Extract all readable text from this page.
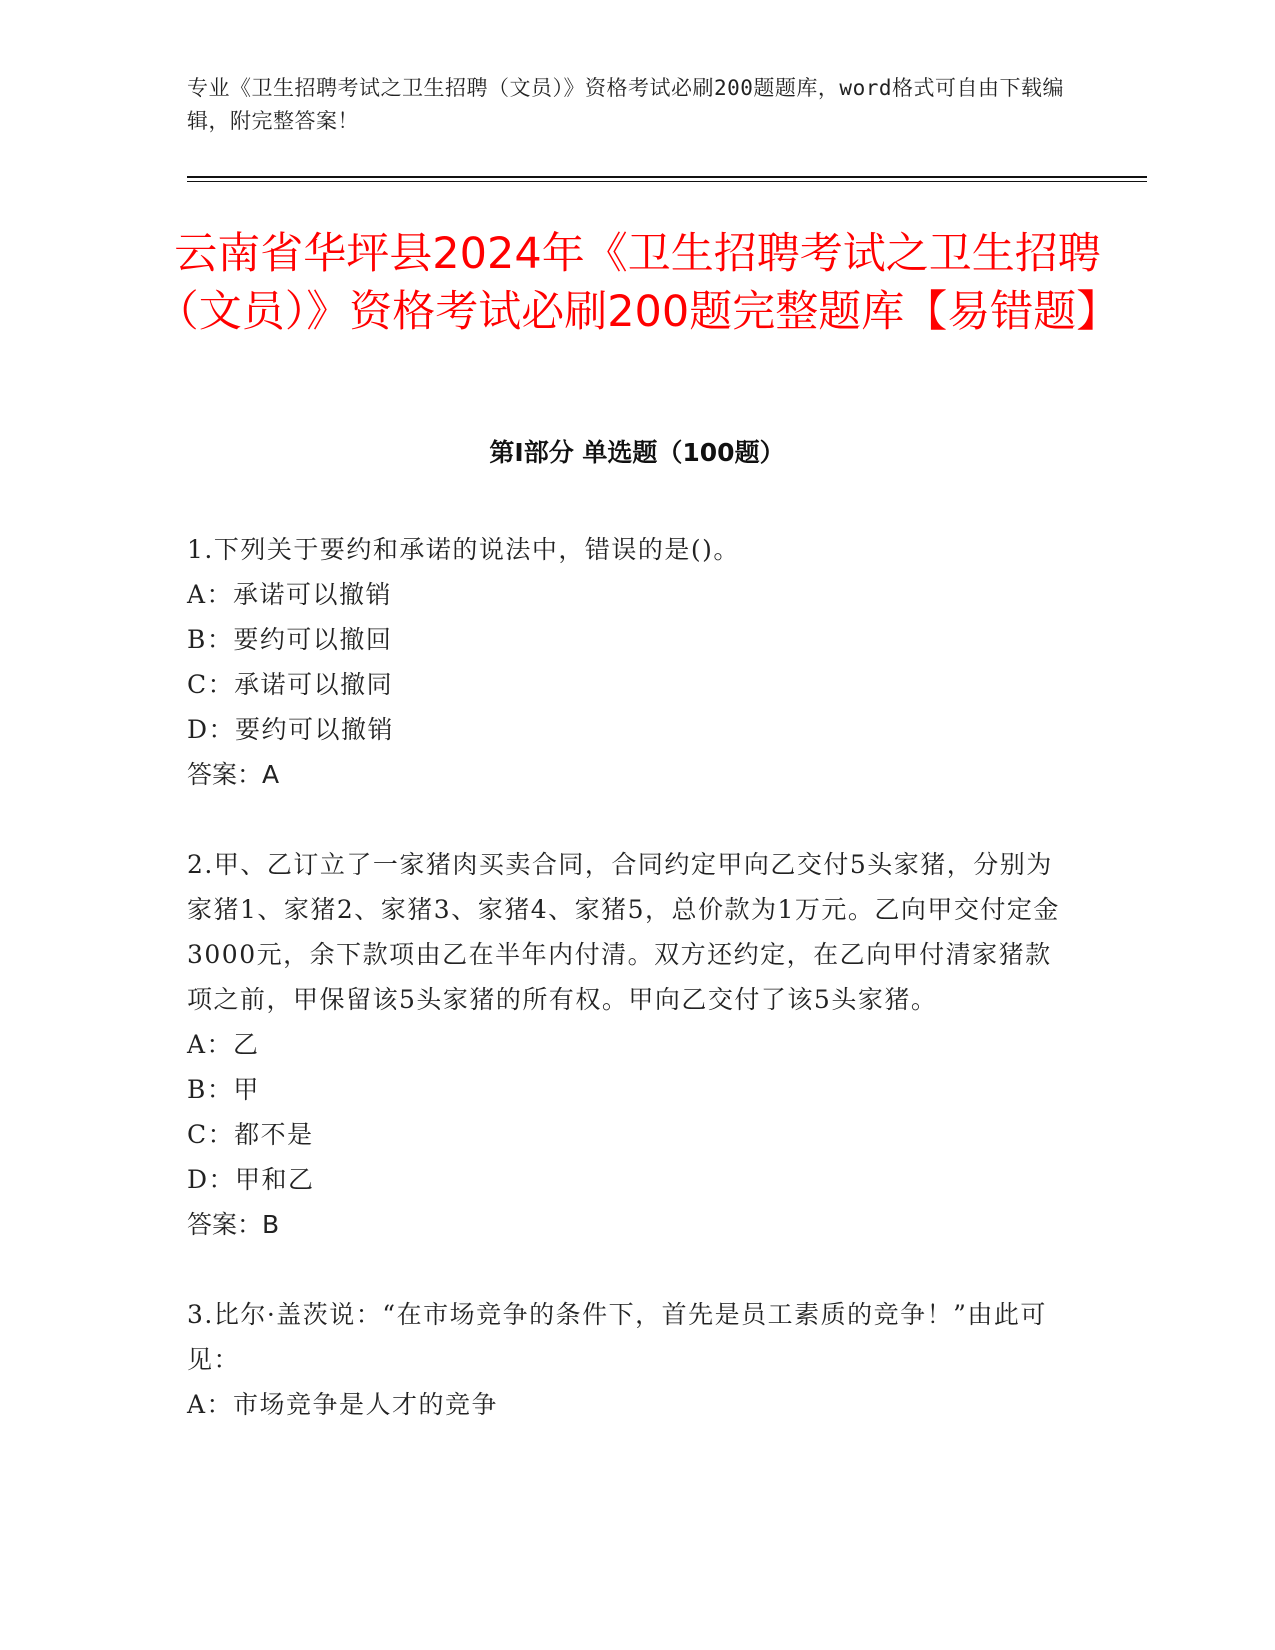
专业《卫生招聘考试之卫生招聘（文员）》资格考试必刷200题题库，word格式可自由下载编辑，附完整答案！
云南省华坪县2024年《卫生招聘考试之卫生招聘（文员）》资格考试必刷200题完整题库【易错题】
第Ⅰ部分 单选题（100题）

1.下列关于要约和承诺的说法中，错误的是()。

A：承诺可以撤销

B：要约可以撤回

C：承诺可以撤同

D：要约可以撤销

答案：A

2.甲、乙订立了一家猪肉买卖合同，合同约定甲向乙交付5头家猪，分别为家猪1、家猪2、家猪3、家猪4、家猪5，总价款为1万元。乙向甲交付定金3000元，余下款项由乙在半年内付清。双方还约定，在乙向甲付清家猪款项之前，甲保留该5头家猪的所有权。甲向乙交付了该5头家猪。

A：乙

B：甲

C：都不是

D：甲和乙

答案：B

3.比尔·盖茨说：“在市场竞争的条件下，首先是员工素质的竞争！”由此可见：

A：市场竞争是人才的竞争
